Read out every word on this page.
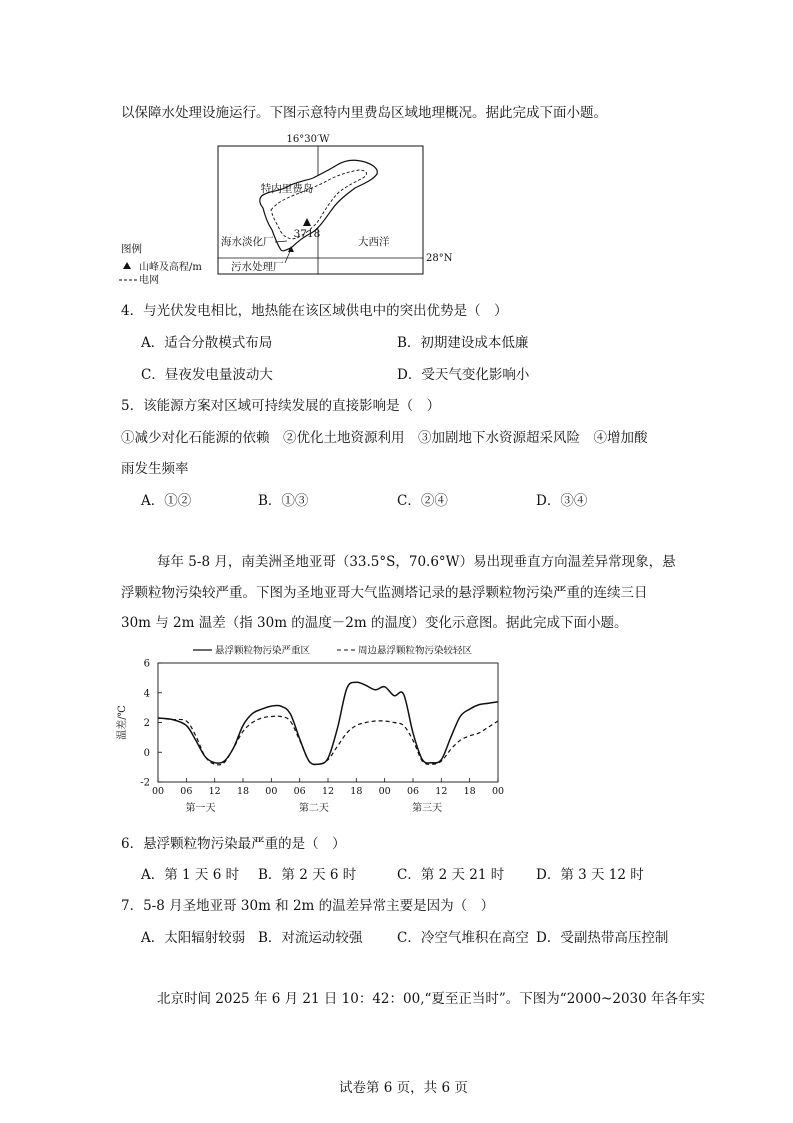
以保障水处理设施运行。下图示意特内里费岛区域地理概况。据此完成下面小题。
16°30′W
28°N
特内里费岛
3718
海水淡化厂
污水处理厂
大西洋
图例
山峰及高程/m
电网
4．与光伏发电相比，地热能在该区域供电中的突出优势是（　）
A．适合分散模式布局	B．初期建设成本低廉
C．昼夜发电量波动大	D．受天气变化影响小
5．该能源方案对区域可持续发展的直接影响是（　）
①减少对化石能源的依赖　②优化土地资源利用　③加剧地下水资源超采风险　④增加酸
雨发生频率
A．①②	B．①③	C．②④	D．③④
每年 5-8 月，南美洲圣地亚哥（33.5°S，70.6°W）易出现垂直方向温差异常现象，悬
浮颗粒物污染较严重。下图为圣地亚哥大气监测塔记录的悬浮颗粒物污染严重的连续三日
30m 与 2m 温差（指 30m 的温度－2m 的温度）变化示意图。据此完成下面小题。
-2
0
2
4
6
温差/℃
00 06 12 18 00 06 12 18 00 06 12 18 00
第一天	第二天	第三天
悬浮颗粒物污染严重区	周边悬浮颗粒物污染较轻区
6．悬浮颗粒物污染最严重的是（　）
A．第 1 天 6 时 B．第 2 天 6 时	C．第 2 天 21 时 D．第 3 天 12 时
7．5-8 月圣地亚哥 30m 和 2m 的温差异常主要是因为（　）
A．太阳辐射较弱 B．对流运动较强	C．冷空气堆积在高空 D．受副热带高压控制
北京时间 2025 年 6 月 21 日 10：42：00,“夏至正当时”。下图为“2000~2030 年各年实
试卷第 6 页，共 6 页
